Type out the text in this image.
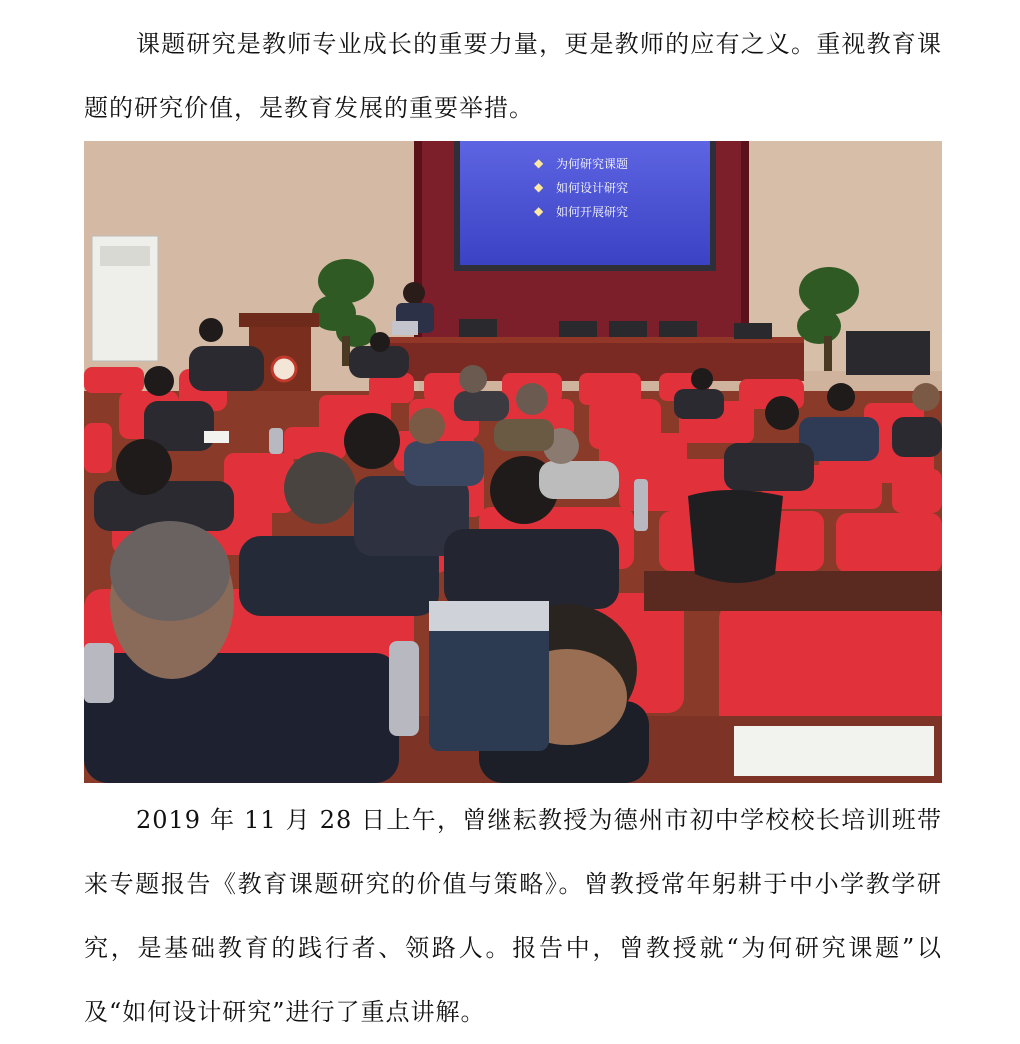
课题研究是教师专业成长的重要力量，更是教师的应有之义。重视教育课题的研究价值，是教育发展的重要举措。

◆ 为何研究课题
◆ 如何设计研究
◆ 如何开展研究

2019 年 11 月 28 日上午，曾继耘教授为德州市初中学校校长培训班带来专题报告《教育课题研究的价值与策略》。曾教授常年躬耕于中小学教学研究，是基础教育的践行者、领路人。报告中，曾教授就“为何研究课题”以及“如何设计研究”进行了重点讲解。
